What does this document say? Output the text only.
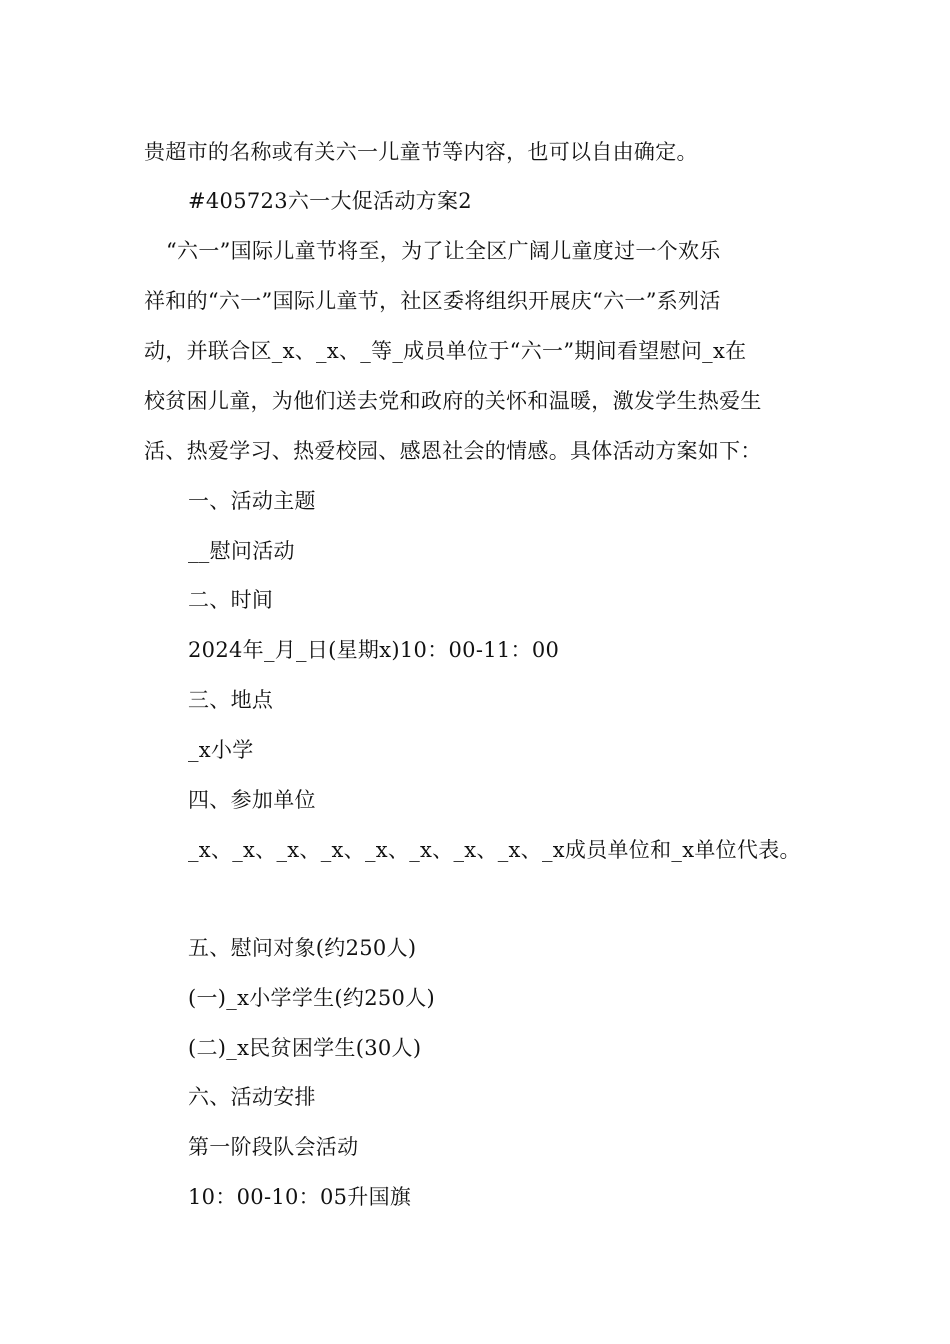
贵超市的名称或有关六一儿童节等内容，也可以自由确定。
#405723六一大促活动方案2
“六一”国际儿童节将至，为了让全区广阔儿童度过一个欢乐
祥和的“六一”国际儿童节，社区委将组织开展庆“六一”系列活
动，并联合区_x、_x、_等_成员单位于“六一”期间看望慰问_x在
校贫困儿童，为他们送去党和政府的关怀和温暖，激发学生热爱生
活、热爱学习、热爱校园、感恩社会的情感。具体活动方案如下：
一、活动主题
__慰问活动
二、时间
2024年_月_日(星期x)10：00-11：00
三、地点
_x小学
四、参加单位
_x、_x、_x、_x、_x、_x、_x、_x、_x成员单位和_x单位代表。
五、慰问对象(约250人)
(一)_x小学学生(约250人)
(二)_x民贫困学生(30人)
六、活动安排
第一阶段队会活动
10：00-10：05升国旗
